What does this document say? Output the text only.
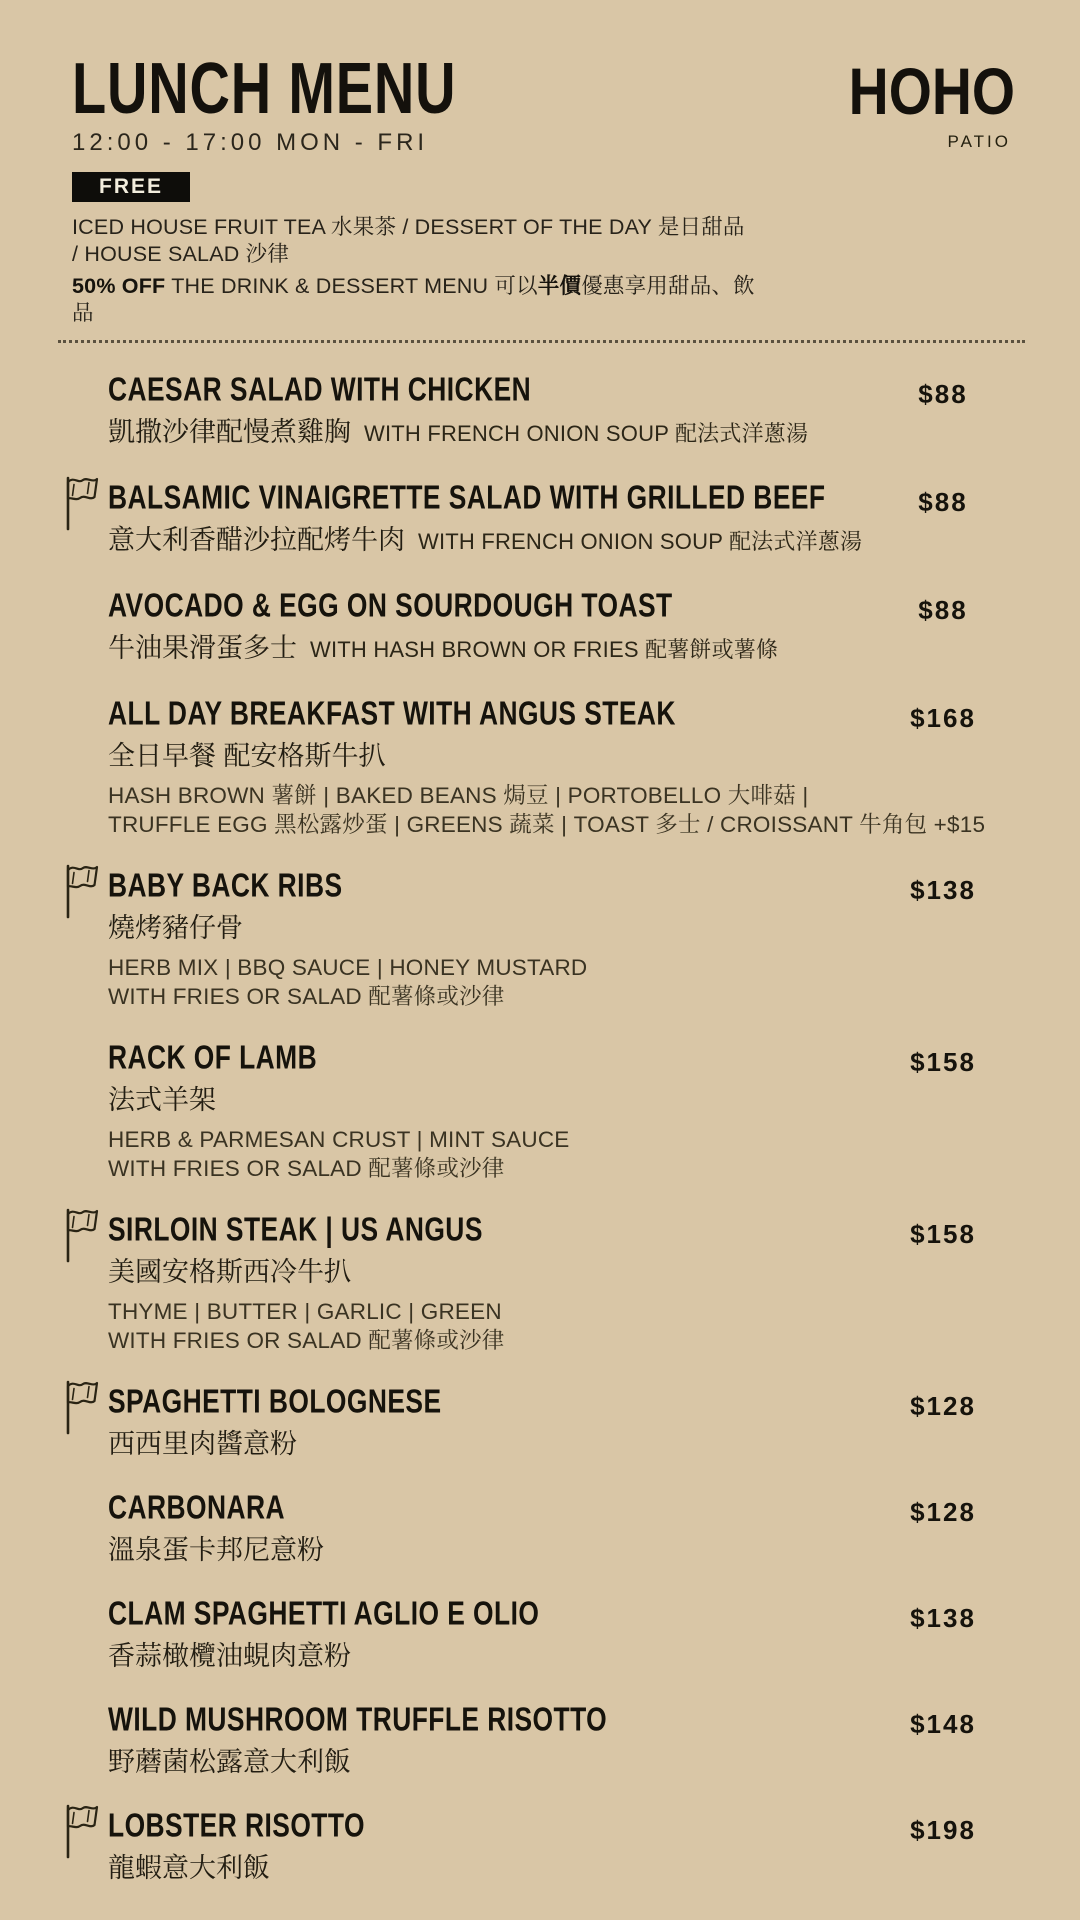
LUNCH MENU
12:00 - 17:00 MON - FRI
FREE
ICED HOUSE FRUIT TEA 水果茶 / DESSERT OF THE DAY 是日甜品 / HOUSE SALAD 沙律
50% OFF THE DRINK & DESSERT MENU 可以半價優惠享用甜品、飲品
HOHO
PATIO
CAESAR SALAD WITH CHICKEN
凱撒沙律配慢煮雞胸 WITH FRENCH ONION SOUP 配法式洋蔥湯
$88
BALSAMIC VINAIGRETTE SALAD WITH GRILLED BEEF
意大利香醋沙拉配烤牛肉 WITH FRENCH ONION SOUP 配法式洋蔥湯
$88
AVOCADO & EGG ON SOURDOUGH TOAST
牛油果滑蛋多士 WITH HASH BROWN OR FRIES 配薯餅或薯條
$88
ALL DAY BREAKFAST WITH ANGUS STEAK
全日早餐 配安格斯牛扒
HASH BROWN 薯餅 | BAKED BEANS 焗豆 | PORTOBELLO 大啡菇 |
TRUFFLE EGG 黑松露炒蛋 | GREENS 蔬菜 | TOAST 多士 / CROISSANT 牛角包 +$15
$168
BABY BACK RIBS
燒烤豬仔骨
HERB MIX | BBQ SAUCE | HONEY MUSTARD
WITH FRIES OR SALAD 配薯條或沙律
$138
RACK OF LAMB
法式羊架
HERB & PARMESAN CRUST | MINT SAUCE
WITH FRIES OR SALAD 配薯條或沙律
$158
SIRLOIN STEAK | US ANGUS
美國安格斯西冷牛扒
THYME | BUTTER | GARLIC | GREEN
WITH FRIES OR SALAD 配薯條或沙律
$158
SPAGHETTI BOLOGNESE
西西里肉醬意粉
$128
CARBONARA
溫泉蛋卡邦尼意粉
$128
CLAM SPAGHETTI AGLIO E OLIO
香蒜橄欖油蜆肉意粉
$138
WILD MUSHROOM TRUFFLE RISOTTO
野蘑菌松露意大利飯
$148
LOBSTER RISOTTO
龍蝦意大利飯
$198
